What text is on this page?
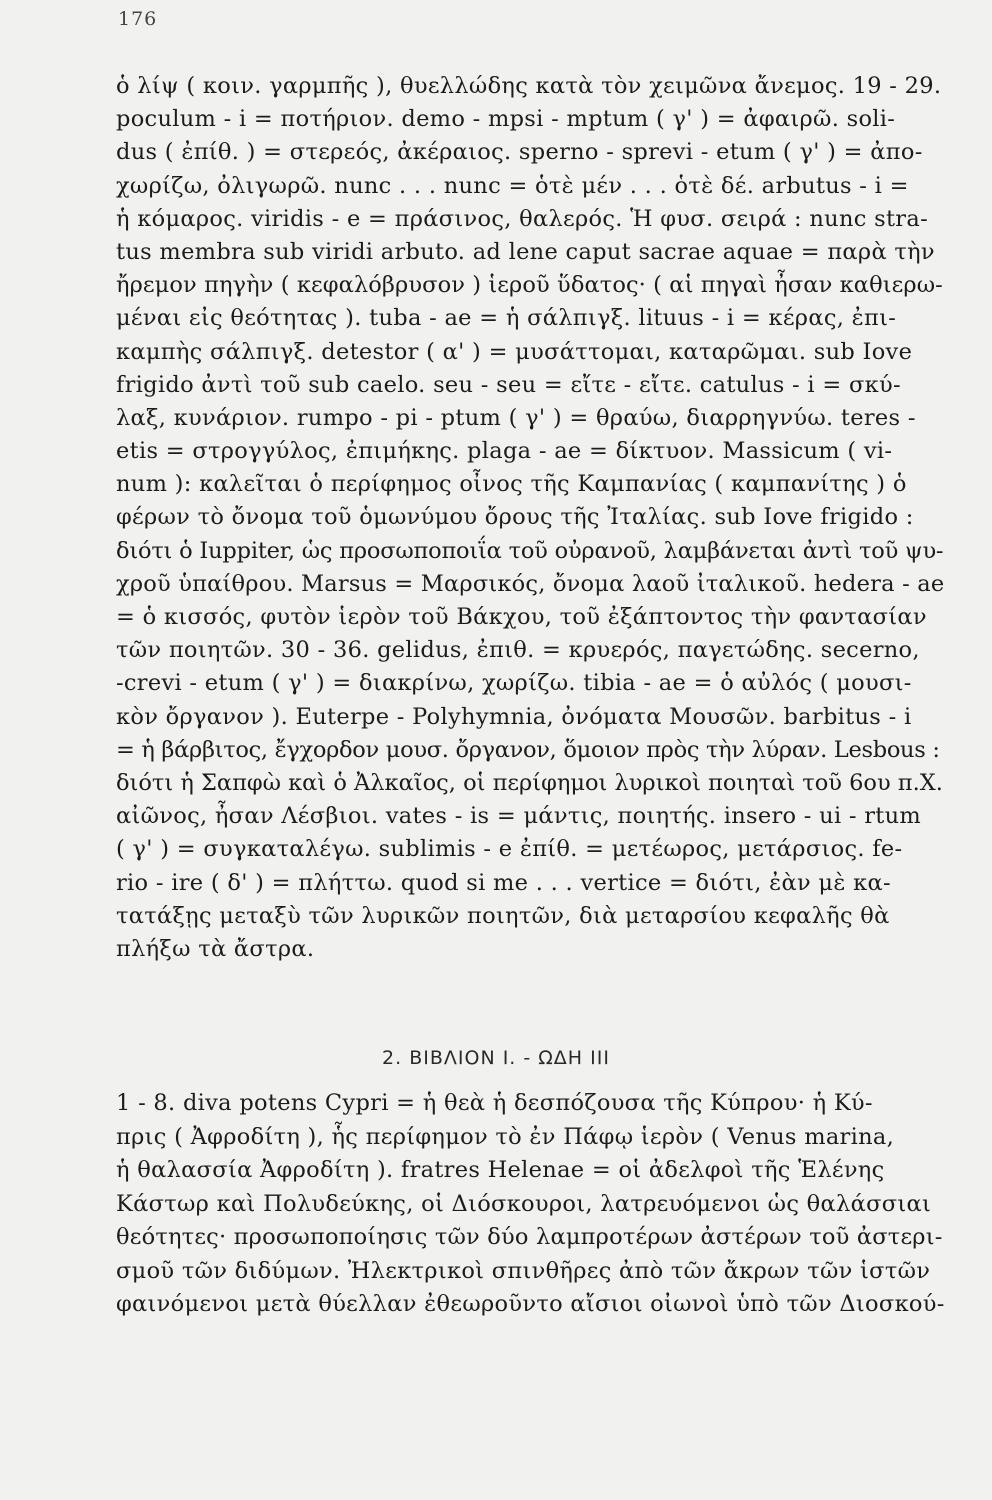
176
ὁ λίψ ( κοιν. γαρμπῆς ), θυελλώδης κατὰ τὸν χειμῶνα ἄνεμος. 19 - 29.
poculum - i = ποτήριον. demo - mpsi - mptum ( γ' ) = ἀφαιρῶ. soli-
dus ( ἐπίθ. ) = στερεός, ἀκέραιος. sperno - sprevi - etum ( γ' ) = ἀπο-
χωρίζω, ὀλιγωρῶ. nunc . . . nunc = ὁτὲ μέν . . . ὁτὲ δέ. arbutus - i =
ἡ κόμαρος. viridis - e = πράσινος, θαλερός. Ἡ φυσ. σειρά : nunc stra-
tus membra sub viridi arbuto. ad lene caput sacrae aquae = παρὰ τὴν
ἤρεμον πηγὴν ( κεφαλόβρυσον ) ἱεροῦ ὕδατος· ( αἱ πηγαὶ ἦσαν καθιερω-
μέναι εἰς θεότητας ). tuba - ae = ἡ σάλπιγξ. lituus - i = κέρας, ἐπι-
καμπὴς σάλπιγξ. detestor ( α' ) = μυσάττομαι, καταρῶμαι. sub Iove
frigido ἀντὶ τοῦ sub caelo. seu - seu = εἴτε - εἴτε. catulus - i = σκύ-
λαξ, κυνάριον. rumpo - pi - ptum ( γ' ) = θραύω, διαρρηγνύω. teres -
etis = στρογγύλος, ἐπιμήκης. plaga - ae = δίκτυον. Massicum ( vi-
num ): καλεῖται ὁ περίφημος οἶνος τῆς Καμπανίας ( καμπανίτης ) ὁ
φέρων τὸ ὄνομα τοῦ ὁμωνύμου ὄρους τῆς Ἰταλίας. sub Iove frigido :
διότι ὁ Iuppiter, ὡς προσωποποιΐα τοῦ οὐρανοῦ, λαμβάνεται ἀντὶ τοῦ ψυ-
χροῦ ὑπαίθρου. Marsus = Μαρσικός, ὄνομα λαοῦ ἰταλικοῦ. hedera - ae
= ὁ κισσός, φυτὸν ἱερὸν τοῦ Βάκχου, τοῦ ἐξάπτοντος τὴν φαντασίαν
τῶν ποιητῶν. 30 - 36. gelidus, ἐπιθ. = κρυερός, παγετώδης. secerno,
-crevi - etum ( γ' ) = διακρίνω, χωρίζω. tibia - ae = ὁ αὐλός ( μουσι-
κὸν ὄργανον ). Euterpe - Polyhymnia, ὀνόματα Μουσῶν. barbitus - i
= ἡ βάρβιτος, ἔγχορδον μουσ. ὄργανον, ὅμοιον πρὸς τὴν λύραν. Lesbous :
διότι ἡ Σαπφὼ καὶ ὁ Ἀλκαῖος, οἱ περίφημοι λυρικοὶ ποιηταὶ τοῦ 6ου π.Χ.
αἰῶνος, ἦσαν Λέσβιοι. vates - is = μάντις, ποιητής. insero - ui - rtum
( γ' ) = συγκαταλέγω. sublimis - e ἐπίθ. = μετέωρος, μετάρσιος. fe-
rio - ire ( δ' ) = πλήττω. quod si me . . . vertice = διότι, ἐὰν μὲ κα-
τατάξῃς μεταξὺ τῶν λυρικῶν ποιητῶν, διὰ μεταρσίου κεφαλῆς θὰ
πλήξω τὰ ἄστρα.
2. ΒΙΒΛΙΟΝ Ι. - ΩΔΗ ΙΙΙ
1 - 8. diva potens Cypri = ἡ θεὰ ἡ δεσπόζουσα τῆς Κύπρου· ἡ Κύ-
πρις ( Ἀφροδίτη ), ἧς περίφημον τὸ ἐν Πάφῳ ἱερὸν ( Venus marina,
ἡ θαλασσία Ἀφροδίτη ). fratres Helenae = οἱ ἀδελφοὶ τῆς Ἑλένης
Κάστωρ καὶ Πολυδεύκης, οἱ Διόσκουροι, λατρευόμενοι ὡς θαλάσσιαι
θεότητες· προσωποποίησις τῶν δύο λαμπροτέρων ἀστέρων τοῦ ἀστερι-
σμοῦ τῶν διδύμων. Ἠλεκτρικοὶ σπινθῆρες ἀπὸ τῶν ἄκρων τῶν ἱστῶν
φαινόμενοι μετὰ θύελλαν ἐθεωροῦντο αἴσιοι οἰωνοὶ ὑπὸ τῶν Διοσκού-
